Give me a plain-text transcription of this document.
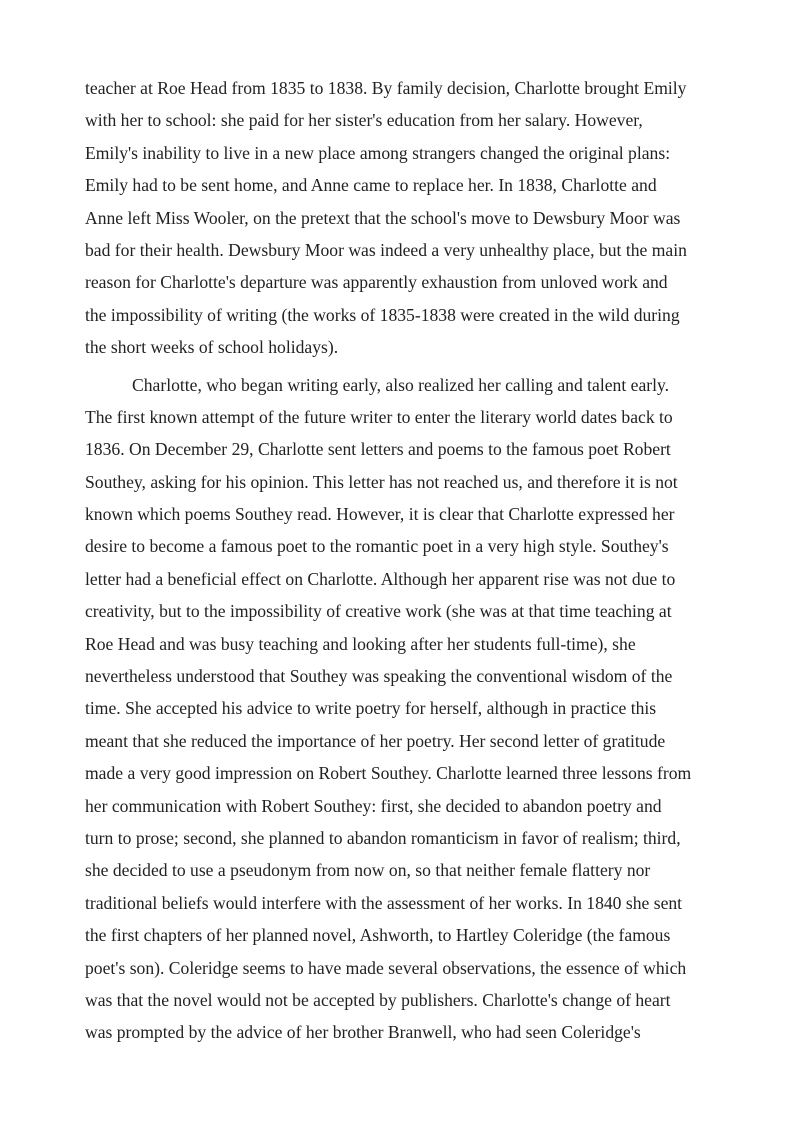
teacher at Roe Head from 1835 to 1838. By family decision, Charlotte brought Emily
with her to school: she paid for her sister's education from her salary. However,
Emily's inability to live in a new place among strangers changed the original plans:
Emily had to be sent home, and Anne came to replace her. In 1838, Charlotte and
Anne left Miss Wooler, on the pretext that the school's move to Dewsbury Moor was
bad for their health. Dewsbury Moor was indeed a very unhealthy place, but the main
reason for Charlotte's departure was apparently exhaustion from unloved work and
the impossibility of writing (the works of 1835-1838 were created in the wild during
the short weeks of school holidays).
Charlotte, who began writing early, also realized her calling and talent early.
The first known attempt of the future writer to enter the literary world dates back to
1836. On December 29, Charlotte sent letters and poems to the famous poet Robert
Southey, asking for his opinion. This letter has not reached us, and therefore it is not
known which poems Southey read. However, it is clear that Charlotte expressed her
desire to become a famous poet to the romantic poet in a very high style. Southey's
letter had a beneficial effect on Charlotte. Although her apparent rise was not due to
creativity, but to the impossibility of creative work (she was at that time teaching at
Roe Head and was busy teaching and looking after her students full-time), she
nevertheless understood that Southey was speaking the conventional wisdom of the
time. She accepted his advice to write poetry for herself, although in practice this
meant that she reduced the importance of her poetry. Her second letter of gratitude
made a very good impression on Robert Southey. Charlotte learned three lessons from
her communication with Robert Southey: first, she decided to abandon poetry and
turn to prose; second, she planned to abandon romanticism in favor of realism; third,
she decided to use a pseudonym from now on, so that neither female flattery nor
traditional beliefs would interfere with the assessment of her works. In 1840 she sent
the first chapters of her planned novel, Ashworth, to Hartley Coleridge (the famous
poet's son). Coleridge seems to have made several observations, the essence of which
was that the novel would not be accepted by publishers. Charlotte's change of heart
was prompted by the advice of her brother Branwell, who had seen Coleridge's
